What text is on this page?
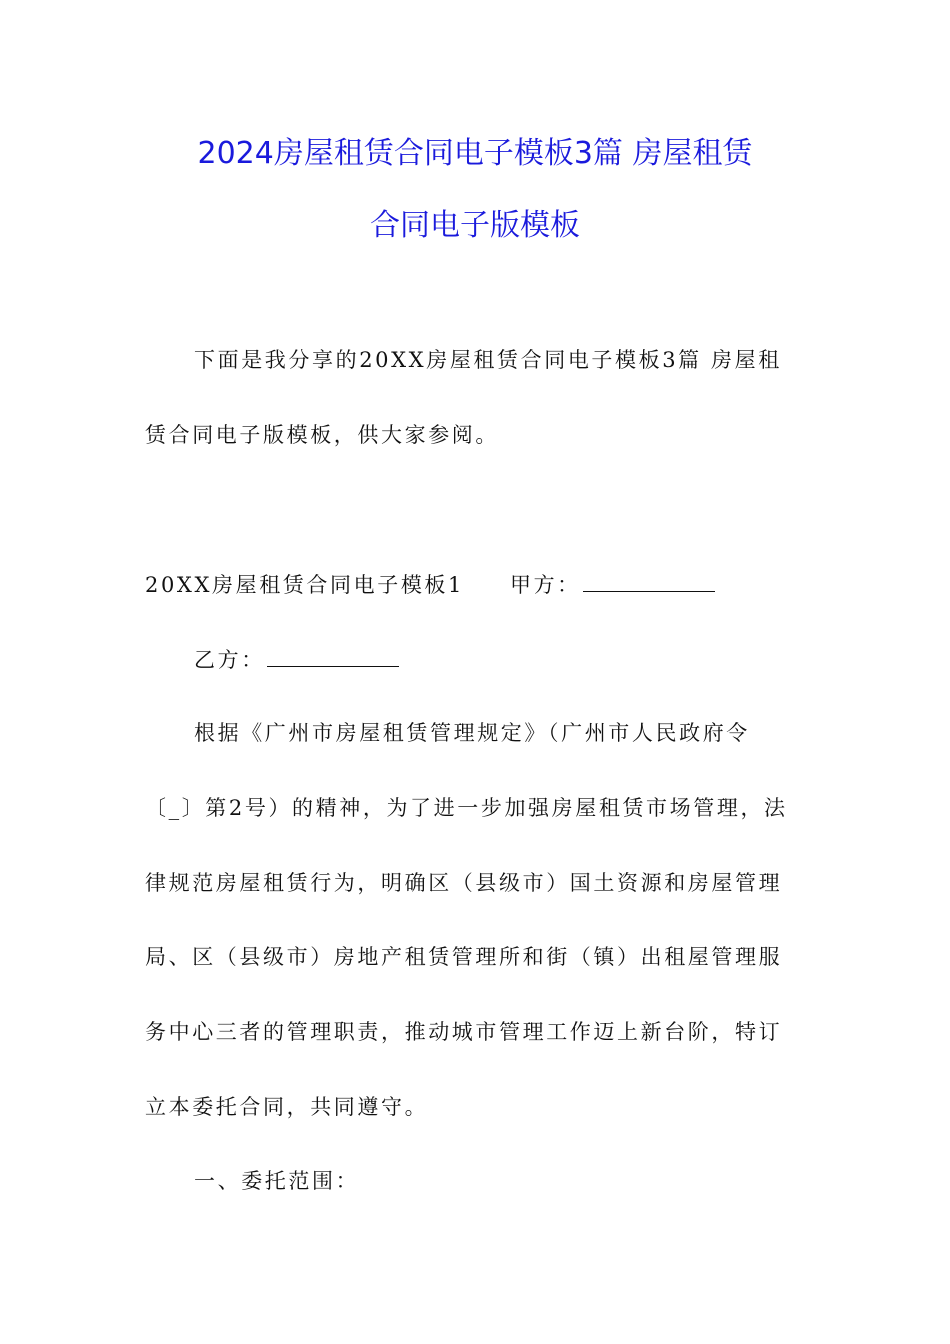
2024房屋租赁合同电子模板3篇 房屋租赁
合同电子版模板

下面是我分享的20XX房屋租赁合同电子模板3篇 房屋租

赁合同电子版模板，供大家参阅。

20XX房屋租赁合同电子模板1 甲方：

乙方：

根据《广州市房屋租赁管理规定》（广州市人民政府令

〔_〕第2号）的精神，为了进一步加强房屋租赁市场管理，法

律规范房屋租赁行为，明确区（县级市）国土资源和房屋管理

局、区（县级市）房地产租赁管理所和街（镇）出租屋管理服

务中心三者的管理职责，推动城市管理工作迈上新台阶，特订

立本委托合同，共同遵守。

一、委托范围：
